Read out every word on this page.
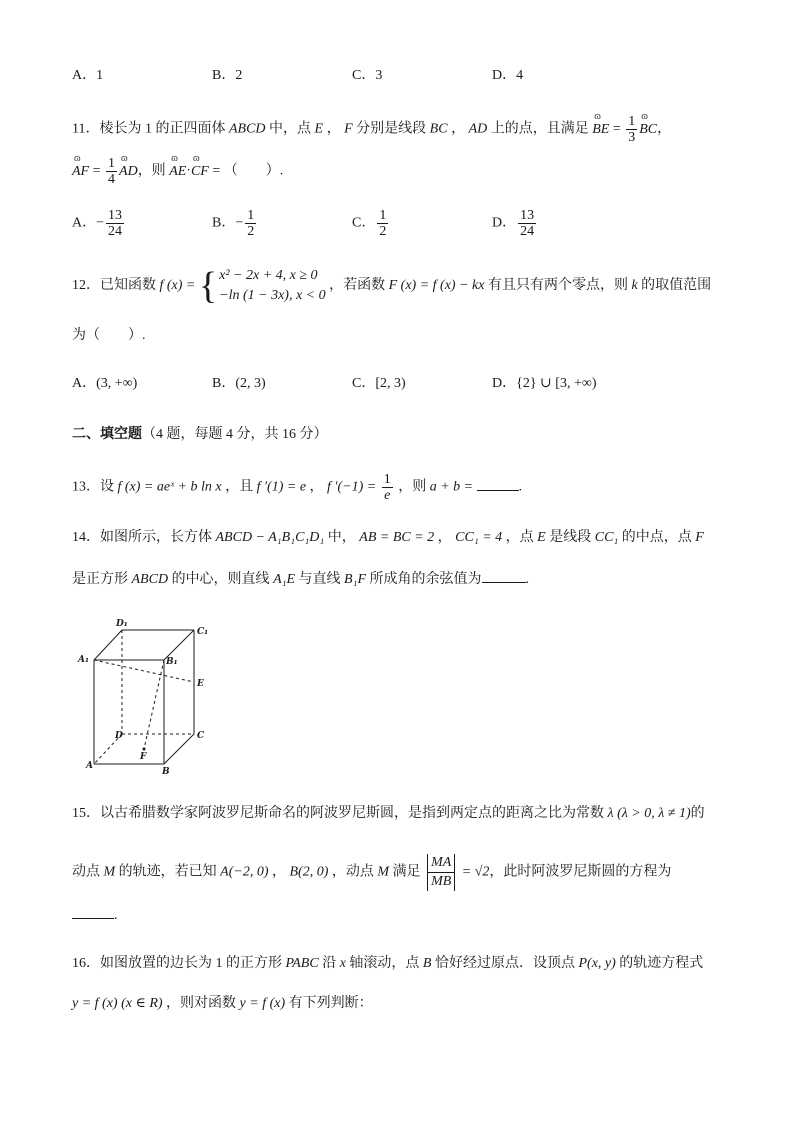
A．1	B．2	C．3	D．4
11．棱长为 1 的正四面体 ABCD 中，点 E ， F 分别是线段 BC ， AD 上的点，且满足 ɷ BE = $\frac{1}{3}$ ɷ BC，
ɷ AF = $\frac{1}{4}$ ɷ AD，则 ɷ AE·ɷ CF = （　　）.
A．− $\frac{13}{24}$	B．− $\frac{1}{2}$	C． $\frac{1}{2}$	D． $\frac{13}{24}$
12．已知函数 f (x) = { x² − 2x + 4, x ≥ 0
−ln (1 − 3x), x < 0
，若函数 F (x) = f (x) − kx 有且只有两个零点，则 k 的取值范围
为（　　）.
A．(3, +∞)	B．(2, 3)	C．[2, 3)	D．{2} ∪ [3, +∞)
二、填空题（4 题，每题 4 分，共 16 分）
13．设 f (x) = aeˣ + b ln x ，且 f ′(1) = e ， f $'(-1) = \frac{1}{e}$ ，则 a + b =	.
14．如图所示，长方体 ABCD − A₁B₁C₁D₁ 中， AB = BC = 2 ， CC₁ = 4 ，点 E 是线段 CC₁ 的中点，点 F
是正方形 ABCD 的中心，则直线 A₁E 与直线 B₁F 所成角的余弦值为	.
D₁
C₁
A₁	B₁
E
D	C
A
B
F
15．以古希腊数学家阿波罗尼斯命名的阿波罗尼斯圆，是指到两定点的距离之比为常数 λ (λ > 0, λ ≠ 1)的
动点 M 的轨迹，若已知 A(−2, 0) ， B(2, 0) ，动点 M 满足 $\frac{MA}{MB} = √2$，此时阿波罗尼斯圆的方程为
.
16．如图放置的边长为 1 的正方形 PABC 沿 x 轴滚动，点 B 恰好经过原点．设顶点 P(x, y) 的轨迹方程式
y = f (x) (x ∈ R) ，则对函数 y = f (x) 有下列判断：
